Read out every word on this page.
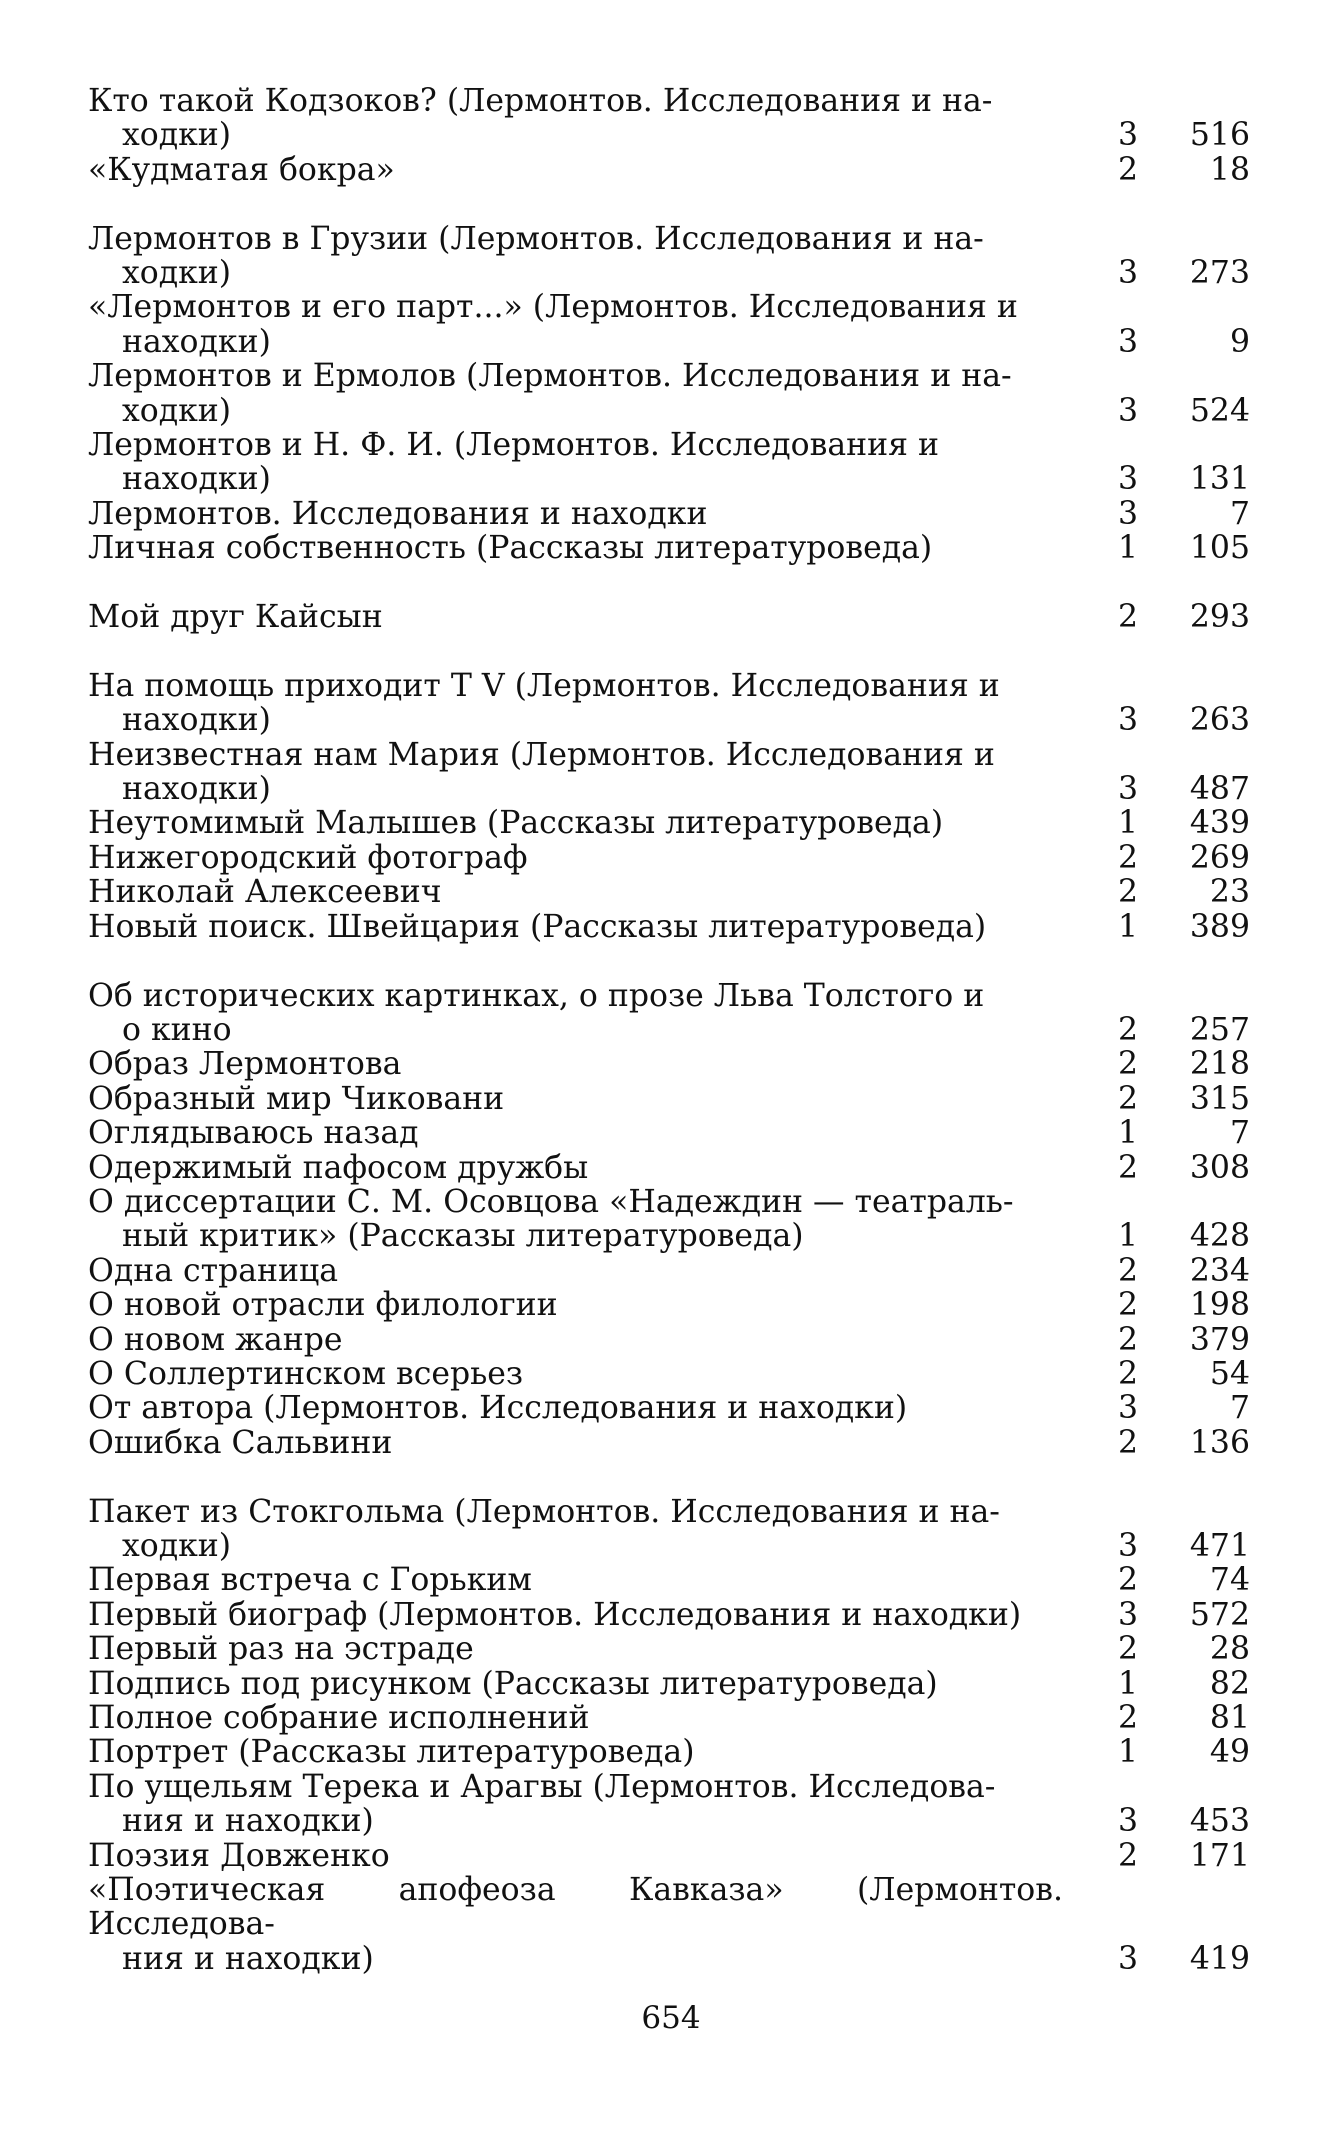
Кто такой Кодзоков? (Лермонтов. Исследования и на-
ходки)	3	516
«Кудматая бокра»	2	18
Лермонтов в Грузии (Лермонтов. Исследования и на-
ходки)	3	273
«Лермонтов и его парт...» (Лермонтов. Исследования и
находки)	3	9
Лермонтов и Ермолов (Лермонтов. Исследования и на-
ходки)	3	524
Лермонтов и Н. Ф. И. (Лермонтов. Исследования и
находки)	3	131
Лермонтов. Исследования и находки	3	7
Личная собственность (Рассказы литературоведа)	1	105
Мой друг Кайсын	2	293
На помощь приходит Т V (Лермонтов. Исследования и
находки)	3	263
Неизвестная нам Мария (Лермонтов. Исследования и
находки)	3	487
Неутомимый Малышев (Рассказы литературоведа)	1	439
Нижегородский фотограф	2	269
Николай Алексеевич	2	23
Новый поиск. Швейцария (Рассказы литературоведа)	1	389
Об исторических картинках, о прозе Льва Толстого и
о кино	2	257
Образ Лермонтова	2	218
Образный мир Чиковани	2	315
Оглядываюсь назад	1	7
Одержимый пафосом дружбы	2	308
О диссертации С. М. Осовцова «Надеждин — театраль-
ный критик» (Рассказы литературоведа)	1	428
Одна страница	2	234
О новой отрасли филологии	2	198
О новом жанре	2	379
О Соллертинском всерьез	2	54
От автора (Лермонтов. Исследования и находки)	3	7
Ошибка Сальвини	2	136
Пакет из Стокгольма (Лермонтов. Исследования и на-
ходки)	3	471
Первая встреча с Горьким	2	74
Первый биограф (Лермонтов. Исследования и находки)	3	572
Первый раз на эстраде	2	28
Подпись под рисунком (Рассказы литературоведа)	1	82
Полное собрание исполнений	2	81
Портрет (Рассказы литературоведа)	1	49
По ущельям Терека и Арагвы (Лермонтов. Исследова-
ния и находки)	3	453
Поэзия Довженко	2	171
«Поэтическая апофеоза Кавказа» (Лермонтов. Исследова-
ния и находки)	3	419
654
